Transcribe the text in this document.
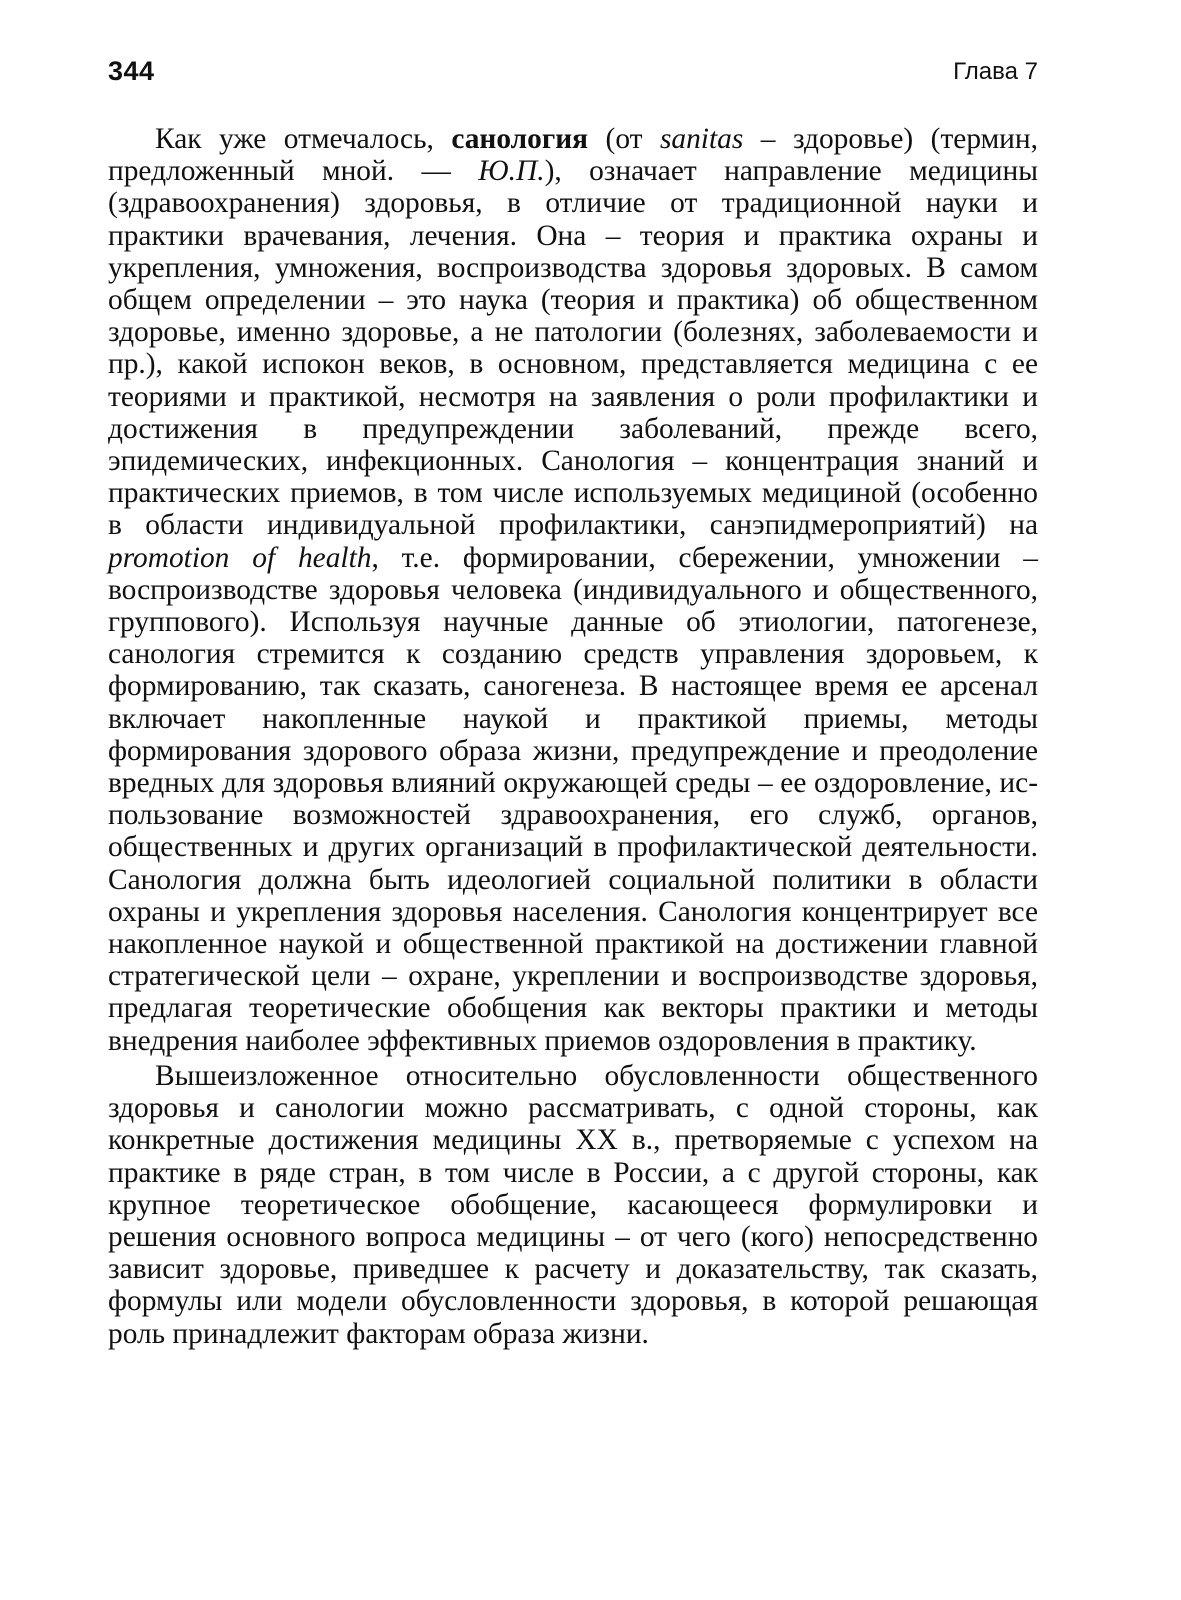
344	Глава 7

Как уже отмечалось, санология (от sanitas – здоровье) (термин, предложенный мной. — Ю.П.), означает направление медицины (здравоохранения) здоровья, в отличие от традиционной науки и практики врачевания, лечения. Она – теория и практика охраны и укрепления, умножения, воспроизводства здоровья здоровых. В самом общем определении – это наука (теория и практика) об общественном здоровье, именно здоровье, а не патологии (болезнях, заболеваемости и пр.), какой испокон веков, в основном, представляется медицина с ее теориями и практикой, несмотря на заявления о роли профилактики и достижения в предупреждении заболеваний, прежде всего, эпидемических, инфекционных. Санология – концентрация знаний и практических приемов, в том числе используемых медициной (особенно в области индивидуальной профилактики, санэпидмероприятий) на promotion of health, т.е. формировании, сбережении, умножении – воспроизводстве здоровья человека (индивидуального и общественного, группового). Используя научные данные об этиологии, патогенезе, санология стремится к созданию средств управления здоровьем, к формированию, так сказать, саногенеза. В настоящее время ее арсенал включает накопленные наукой и практикой приемы, методы формирования здорового образа жизни, предупреждение и преодоление вредных для здоровья влияний окружающей среды – ее оздоровление, использование возможностей здравоохранения, его служб, органов, общественных и других организаций в профилактической деятельности. Санология должна быть идеологией социальной политики в области охраны и укрепления здоровья населения. Санология концентрирует все накопленное наукой и общественной практикой на достижении главной стратегической цели – охране, укреплении и воспроизводстве здоровья, предлагая теоретические обобщения как векторы практики и методы внедрения наиболее эффективных приемов оздоровления в практику.

Вышеизложенное относительно обусловленности общественного здоровья и санологии можно рассматривать, с одной стороны, как конкретные достижения медицины XX в., претворяемые с успехом на практике в ряде стран, в том числе в России, а с другой стороны, как крупное теоретическое обобщение, касающееся формулировки и решения основного вопроса медицины – от чего (кого) непосредственно зависит здоровье, приведшее к расчету и доказательству, так сказать, формулы или модели обусловленности здоровья, в которой решающая роль принадлежит факторам образа жизни.
